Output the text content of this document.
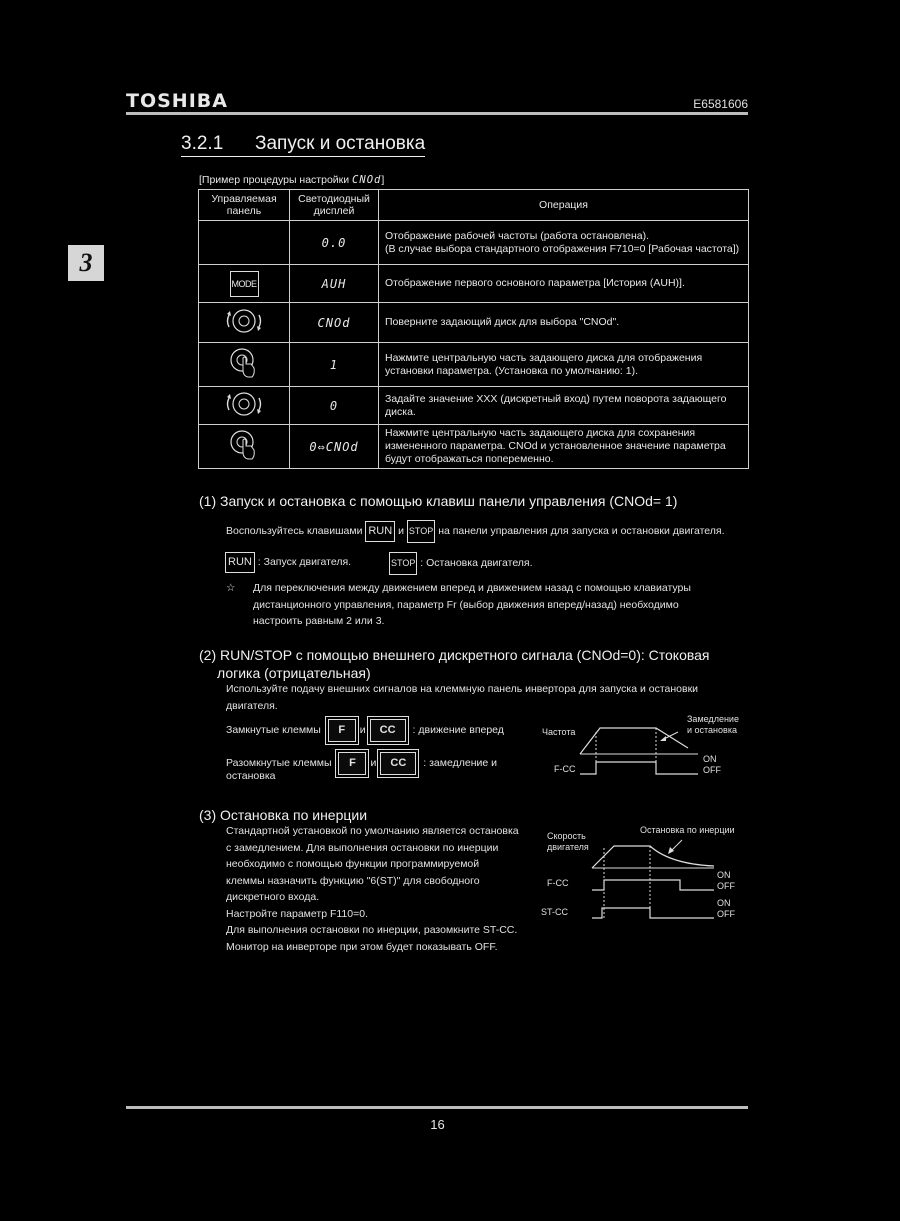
TOSHIBA	E6581606
3
3.2.1 Запуск и остановка
[Пример процедуры настройки CNOd]
Управляемая панель	Светодиодный дисплей	Операция
	0.0	Отображение рабочей частоты (работа остановлена).
(В случае выбора стандартного отображения F710=0 [Рабочая частота])

MODE	AUH	Отображение первого основного параметра [История (AUH)].
	CNOd	Поверните задающий диск для выбора "CNOd".
	1	Нажмите центральную часть задающего диска для отображения установки параметра. (Установка по умолчанию: 1).
	0	Задайте значение XXX (дискретный вход) путем поворота задающего диска.
	0⇔CNOd	Нажмите центральную часть задающего диска для сохранения измененного параметра. CNOd и установленное значение параметра будут отображаться попеременно.
(1) Запуск и остановка с помощью клавиш панели управления (CNOd= 1)
Воспользуйтесь клавишами RUN и STOP на панели управления для запуска и остановки двигателя.
RUN : Запуск двигателя.	STOP : Остановка двигателя.
☆ Для переключения между движением вперед и движением назад с помощью клавиатуры
дистанционного управления, параметр Fr (выбор движения вперед/назад) необходимо
настроить равным 2 или 3.
(2) RUN/STOP с помощью внешнего дискретного сигнала (CNOd=0): Стоковая
логика (отрицательная)
Используйте подачу внешних сигналов на клеммную панель инвертора для запуска и остановки
двигателя.
Замкнутые клеммы F и CC : движение вперед
Разомкнутые клеммы F и CC : замедление и
остановка
Частота
Замедление
и остановка
F-CC
ON
OFF
(3) Остановка по инерции
Стандартной установкой по умолчанию является остановка
с замедлением. Для выполнения остановки по инерции
необходимо с помощью функции программируемой
клеммы назначить функцию "6(ST)" для свободного
дискретного входа.
Настройте параметр F110=0.
Для выполнения остановки по инерции, разомкните ST-CC.
Монитор на инверторе при этом будет показывать OFF.
Скорость
двигателя
Остановка по инерции
F-CC
ST-CC
ON
OFF
ON
OFF
16
